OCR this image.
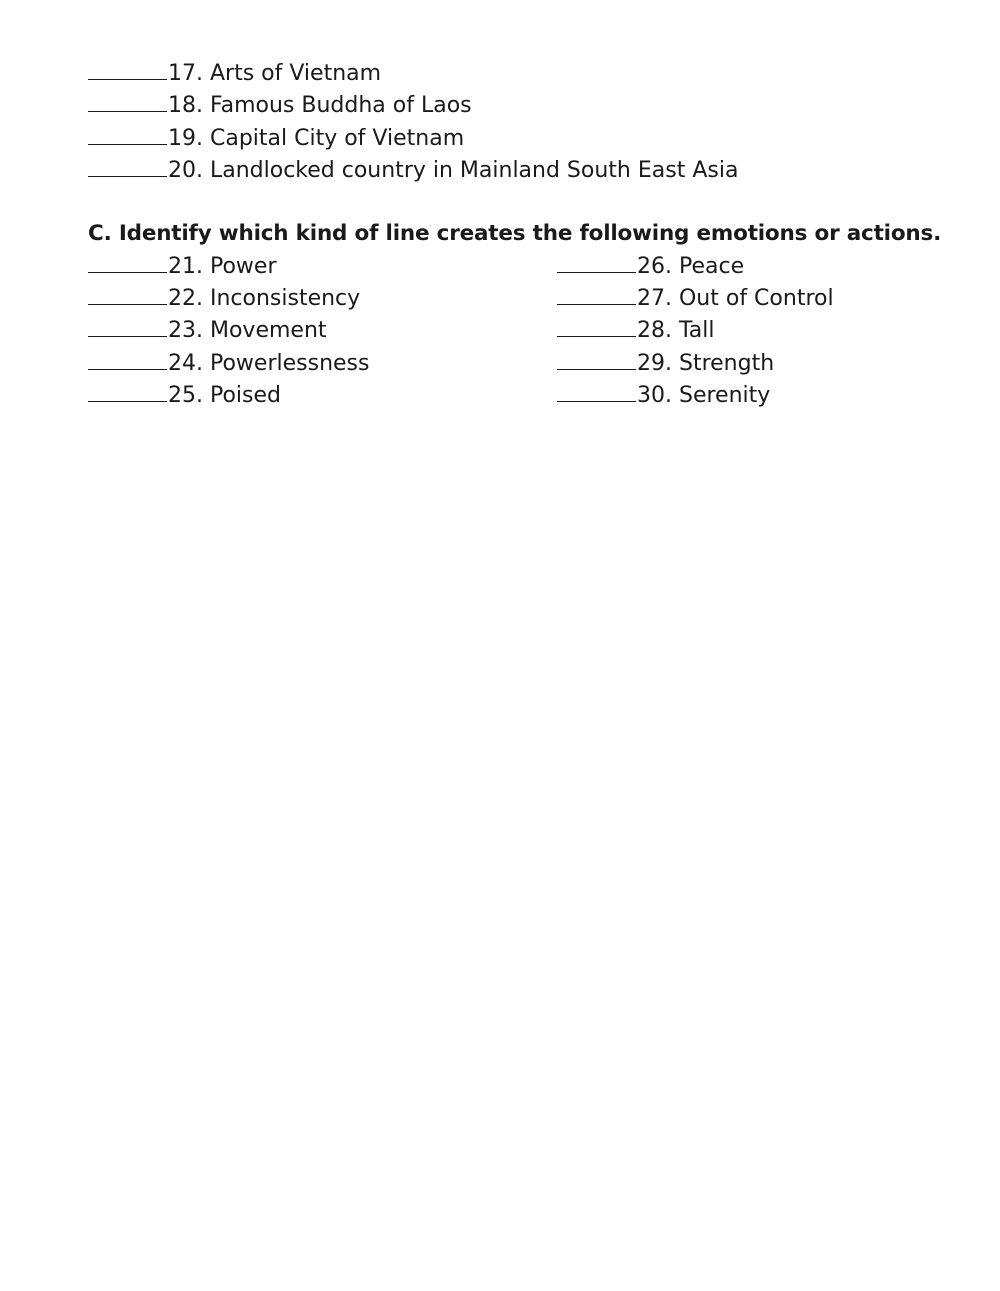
17. Arts of Vietnam
18. Famous Buddha of Laos
19. Capital City of Vietnam
20. Landlocked country in Mainland South East Asia
C. Identify which kind of line creates the following emotions or actions.
21. Power
22. Inconsistency
23. Movement
24. Powerlessness
25. Poised
26. Peace
27. Out of Control
28. Tall
29. Strength
30. Serenity
